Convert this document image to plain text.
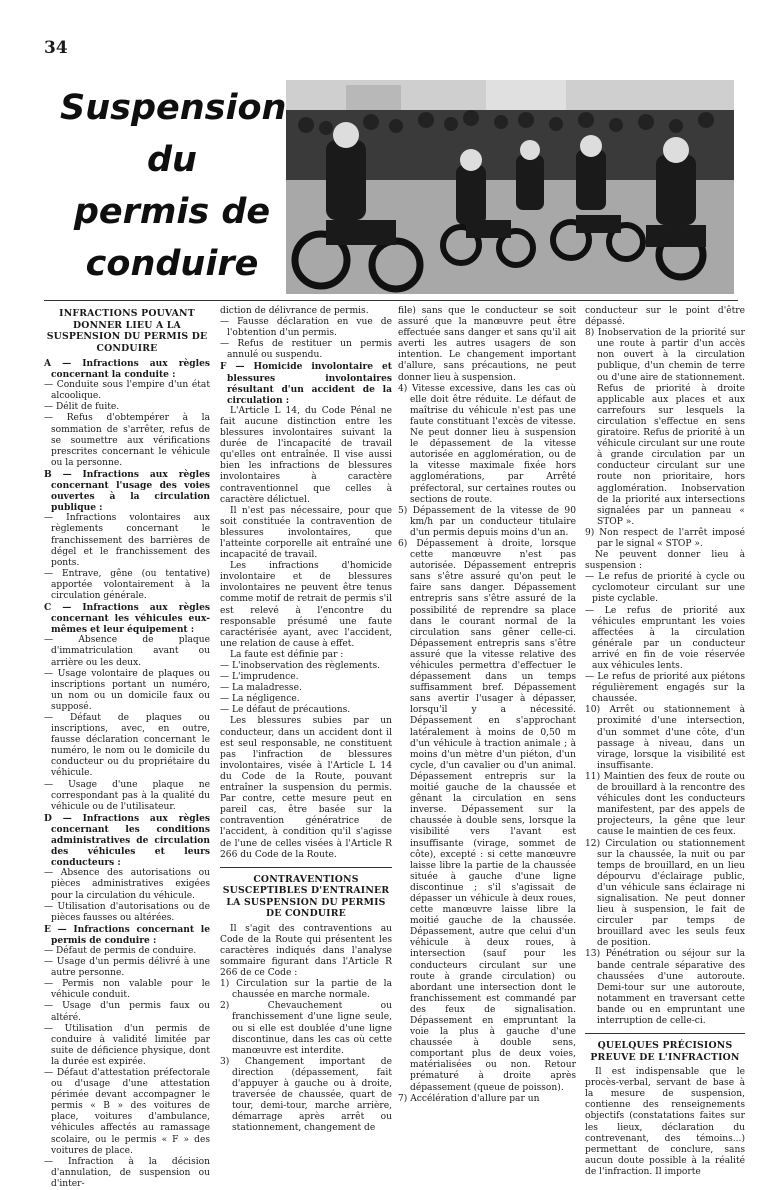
34
Suspension
du
permis de
conduire

INFRACTIONS POUVANT DONNER LIEU A LA SUSPENSION DU PERMIS DE CONDUIRE

A — Infractions aux règles concernant la conduite :

— Conduite sous l'empire d'un état alcoolique.

— Délit de fuite.

— Refus d'obtempérer à la sommation de s'arrêter, refus de se soumettre aux vérifications prescrites concernant le véhicule ou la personne.

B — Infractions aux règles concernant l'usage des voies ouvertes à la circulation publique :

— Infractions volontaires aux règlements concernant le franchissement des barrières de dégel et le franchissement des ponts.

— Entrave, gêne (ou tentative) apportée volontairement à la circulation générale.

C — Infractions aux règles concernant les véhicules eux-mêmes et leur équipement :

— Absence de plaque d'immatriculation avant ou arrière ou les deux.

— Usage volontaire de plaques ou inscriptions portant un numéro, un nom ou un domicile faux ou supposé.

— Défaut de plaques ou inscriptions, avec, en outre, fausse déclaration concernant le numéro, le nom ou le domicile du conducteur ou du propriétaire du véhicule.

— Usage d'une plaque ne correspondant pas à la qualité du véhicule ou de l'utilisateur.

D — Infractions aux règles concernant les conditions administratives de circulation des véhicules et leurs conducteurs :

— Absence des autorisations ou pièces administratives exigées pour la circulation du véhicule.

— Utilisation d'autorisations ou de pièces fausses ou altérées.

E — Infractions concernant le permis de conduire :

— Défaut de permis de conduire.

— Usage d'un permis délivré à une autre personne.

— Permis non valable pour le véhicule conduit.

— Usage d'un permis faux ou altéré.

— Utilisation d'un permis de conduire à validité limitée par suite de déficience physique, dont la durée est expirée.

— Défaut d'attestation préfectorale ou d'usage d'une attestation périmée devant accompagner le permis « B » des voitures de place, voitures d'ambulance, véhicules affectés au ramassage scolaire, ou le permis « F » des voitures de place.

— Infraction à la décision d'annulation, de suspension ou d'inter-

diction de délivrance de permis.

— Fausse déclaration en vue de l'obtention d'un permis.

— Refus de restituer un permis annulé ou suspendu.

F — Homicide involontaire et blessures involontaires résultant d'un accident de la circulation :

L'Article L 14, du Code Pénal ne fait aucune distinction entre les blessures involontaires suivant la durée de l'incapacité de travail qu'elles ont entraînée. Il vise aussi bien les infractions de blessures involontaires à caractère contraventionnel que celles à caractère délictuel.

Il n'est pas nécessaire, pour que soit constituée la contravention de blessures involontaires, que l'atteinte corporelle ait entraîné une incapacité de travail.

Les infractions d'homicide involontaire et de blessures involontaires ne peuvent être tenus comme motif de retrait de permis s'il est relevé à l'encontre du responsable présumé une faute caractérisée ayant, avec l'accident, une relation de cause à effet.

La faute est définie par :

— L'inobservation des règlements.

— L'imprudence.

— La maladresse.

— La négligence.

— Le défaut de précautions.

Les blessures subies par un conducteur, dans un accident dont il est seul responsable, ne constituent pas l'infraction de blessures involontaires, visée à l'Article L 14 du Code de la Route, pouvant entraîner la suspension du permis. Par contre, cette mesure peut en pareil cas, être basée sur la contravention génératrice de l'accident, à condition qu'il s'agisse de l'une de celles visées à l'Article R 266 du Code de la Route.

CONTRAVENTIONS SUSCEPTIBLES D'ENTRAINER LA SUSPENSION DU PERMIS DE CONDUIRE

Il s'agit des contraventions au Code de la Route qui présentent les caractères indiqués dans l'analyse sommaire figurant dans l'Article R 266 de ce Code :

1) Circulation sur la partie de la chaussée en marche normale.

2) Chevauchement ou franchissement d'une ligne seule, ou si elle est doublée d'une ligne discontinue, dans les cas où cette manœuvre est interdite.

3) Changement important de direction (dépassement, fait d'appuyer à gauche ou à droite, traversée de chaussée, quart de tour, demi-tour, marche arrière, démarrage après arrêt ou stationnement, changement de

file) sans que le conducteur se soit assuré que la manœuvre peut être effectuée sans danger et sans qu'il ait averti les autres usagers de son intention. Le changement important d'allure, sans précautions, ne peut donner lieu à suspension.

4) Vitesse excessive, dans les cas où elle doit être réduite. Le défaut de maîtrise du véhicule n'est pas une faute constituant l'excès de vitesse. Ne peut donner lieu à suspension le dépassement de la vitesse autorisée en agglomération, ou de la vitesse maximale fixée hors agglomérations, par Arrêté préfectoral, sur certaines routes ou sections de route.

5) Dépassement de la vitesse de 90 km/h par un conducteur titulaire d'un permis depuis moins d'un an.

6) Dépassement à droite, lorsque cette manœuvre n'est pas autorisée. Dépassement entrepris sans s'être assuré qu'on peut le faire sans danger. Dépassement entrepris sans s'être assuré de la possibilité de reprendre sa place dans le courant normal de la circulation sans gêner celle-ci. Dépassement entrepris sans s'être assuré que la vitesse relative des véhicules permettra d'effectuer le dépassement dans un temps suffisamment bref. Dépassement sans avertir l'usager à dépasser, lorsqu'il y a nécessité. Dépassement en s'approchant latéralement à moins de 0,50 m d'un véhicule à traction animale ; à moins d'un mètre d'un piéton, d'un cycle, d'un cavalier ou d'un animal. Dépassement entrepris sur la moitié gauche de la chaussée et gênant la circulation en sens inverse. Dépassement sur la chaussée à double sens, lorsque la visibilité vers l'avant est insuffisante (virage, sommet de côte), excepté : si cette manœuvre laisse libre la partie de la chaussée située à gauche d'une ligne discontinue ; s'il s'agissait de dépasser un véhicule à deux roues, cette manœuvre laisse libre la moitié gauche de la chaussée. Dépassement, autre que celui d'un véhicule à deux roues, à intersection (sauf pour les conducteurs circulant sur une route à grande circulation) ou abordant une intersection dont le franchissement est commandé par des feux de signalisation. Dépassement en empruntant la voie la plus à gauche d'une chaussée à double sens, comportant plus de deux voies, matérialisées ou non. Retour prématuré à droite après dépassement (queue de poisson).

7) Accélération d'allure par un

conducteur sur le point d'être dépassé.

8) Inobservation de la priorité sur une route à partir d'un accès non ouvert à la circulation publique, d'un chemin de terre ou d'une aire de stationnement. Refus de priorité à droite applicable aux places et aux carrefours sur lesquels la circulation s'effectue en sens giratoire. Refus de priorité à un véhicule circulant sur une route à grande circulation par un conducteur circulant sur une route non prioritaire, hors agglomération. Inobservation de la priorité aux intersections signalées par un panneau « STOP ».

9) Non respect de l'arrêt imposé par le signal « STOP ».

Ne peuvent donner lieu à suspension :

— Le refus de priorité à cycle ou cyclomoteur circulant sur une piste cyclable.

— Le refus de priorité aux véhicules empruntant les voies affectées à la circulation générale par un conducteur arrivé en fin de voie réservée aux véhicules lents.

— Le refus de priorité aux piétons régulièrement engagés sur la chaussée.

10) Arrêt ou stationnement à proximité d'une intersection, d'un sommet d'une côte, d'un passage à niveau, dans un virage, lorsque la visibilité est insuffisante.

11) Maintien des feux de route ou de brouillard à la rencontre des véhicules dont les conducteurs manifestent, par des appels de projecteurs, la gêne que leur cause le maintien de ces feux.

12) Circulation ou stationnement sur la chaussée, la nuit ou par temps de brouillard, en un lieu dépourvu d'éclairage public, d'un véhicule sans éclairage ni signalisation. Ne peut donner lieu à suspension, le fait de circuler par temps de brouillard avec les seuls feux de position.

13) Pénétration ou séjour sur la bande centrale séparative des chaussées d'une autoroute. Demi-tour sur une autoroute, notamment en traversant cette bande ou en empruntant une interruption de celle-ci.

QUELQUES PRÉCISIONS PREUVE DE L'INFRACTION

Il est indispensable que le procès-verbal, servant de base à la mesure de suspension, contienne des renseignements objectifs (constatations faites sur les lieux, déclaration du contrevenant, des témoins...) permettant de conclure, sans aucun doute possible à la réalité de l'infraction. Il importe
